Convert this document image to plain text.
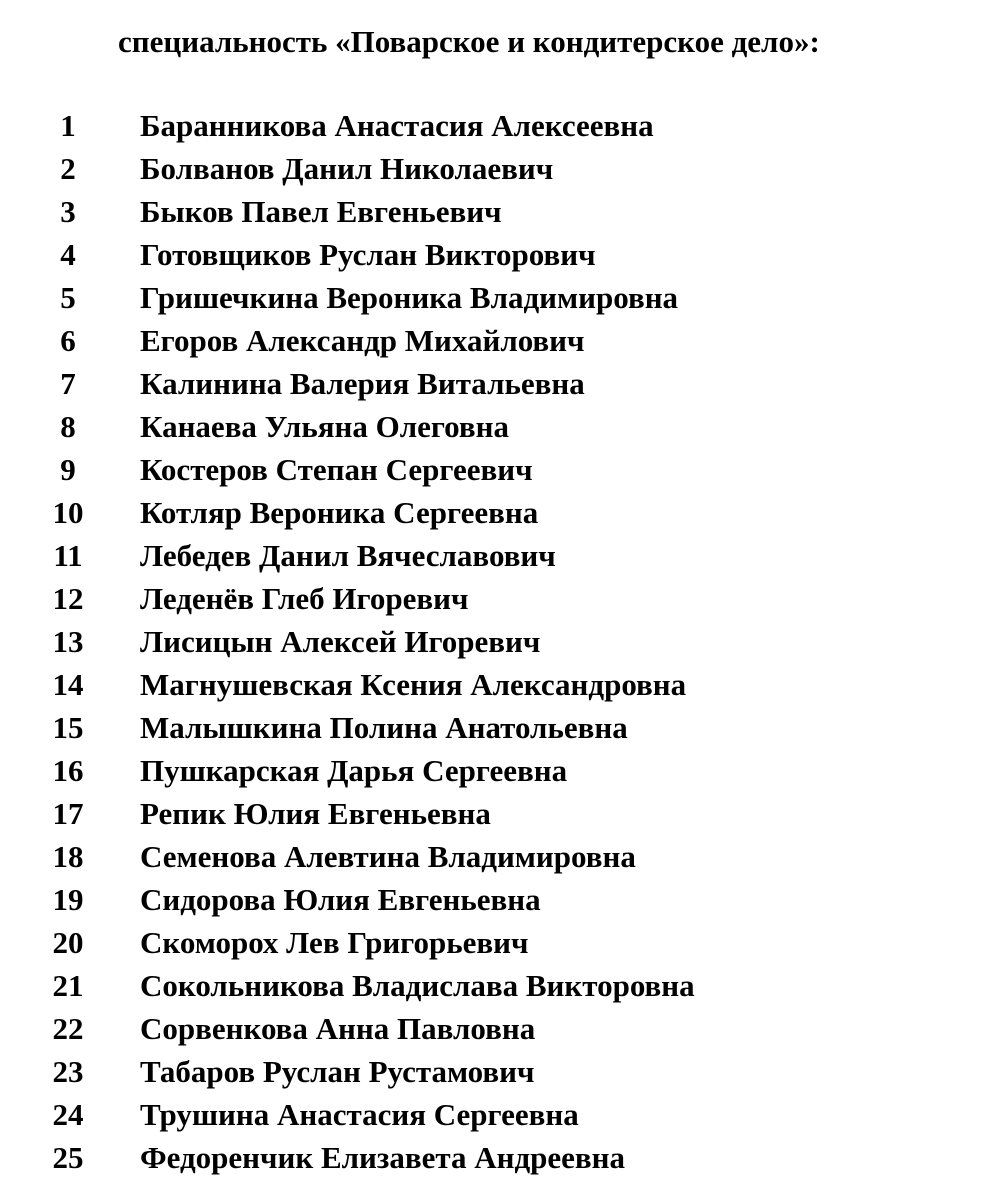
специальность «Поварское и кондитерское дело»:
1	Баранникова Анастасия Алексеевна
2	Болванов Данил Николаевич
3	Быков Павел Евгеньевич
4	Готовщиков Руслан Викторович
5	Гришечкина Вероника Владимировна
6	Егоров Александр Михайлович
7	Калинина Валерия Витальевна
8	Канаева Ульяна Олеговна
9	Костеров Степан Сергеевич
10	Котляр Вероника Сергеевна
11	Лебедев Данил Вячеславович
12	Леденёв Глеб Игоревич
13	Лисицын Алексей Игоревич
14	Магнушевская Ксения Александровна
15	Малышкина Полина Анатольевна
16	Пушкарская Дарья Сергеевна
17	Репик Юлия Евгеньевна
18	Семенова Алевтина Владимировна
19	Сидорова Юлия Евгеньевна
20	Скоморох Лев Григорьевич
21	Сокольникова Владислава Викторовна
22	Сорвенкова Анна Павловна
23	Табаров Руслан Рустамович
24	Трушина Анастасия Сергеевна
25	Федоренчик Елизавета Андреевна
